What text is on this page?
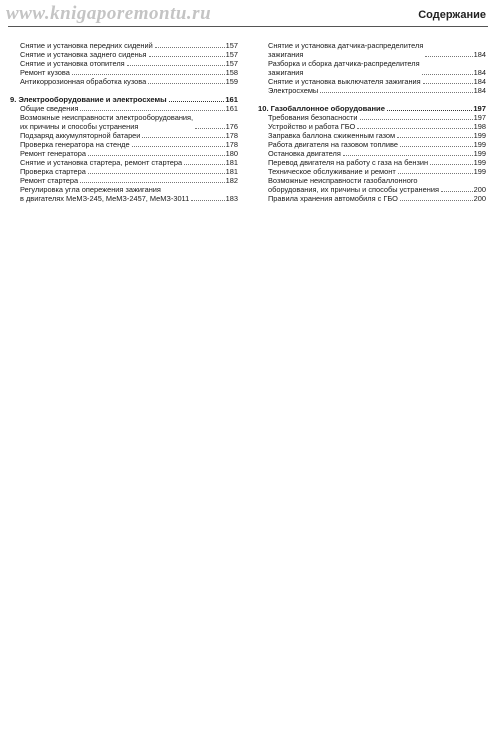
www.knigaporemontu.ru	Содержание
Снятие и установка передних сидений	157
Снятие и установка заднего сиденья	157
Снятие и установка отопителя	157
Ремонт кузова	158
Антикоррозионная обработка кузова	159
9. Электрооборудование и электросхемы	161
Общие сведения	161
Возможные неисправности электрооборудования,
их причины и способы устранения	176
Подзаряд аккумуляторной батареи	178
Проверка генератора на стенде	178
Ремонт генератора	180
Снятие и установка стартера, ремонт стартера	181
Проверка стартера	181
Ремонт стартера	182
Регулировка угла опережения зажигания
в двигателях МеМЗ-245, МеМЗ-2457, МеМЗ-3011	183
Снятие и установка датчика-распределителя
зажигания	184
Разборка и сборка датчика-распределителя
зажигания	184
Снятие и установка выключателя зажигания	184
Электросхемы	184
10. Газобаллонное оборудование	197
Требования безопасности	197
Устройство и работа ГБО	198
Заправка баллона сжиженным газом	199
Работа двигателя на газовом топливе	199
Остановка двигателя	199
Перевод двигателя на работу с газа на бензин	199
Техническое обслуживание и ремонт	199
Возможные неисправности газобаллонного
оборудования, их причины и способы устранения	200
Правила хранения автомобиля с ГБО	200
